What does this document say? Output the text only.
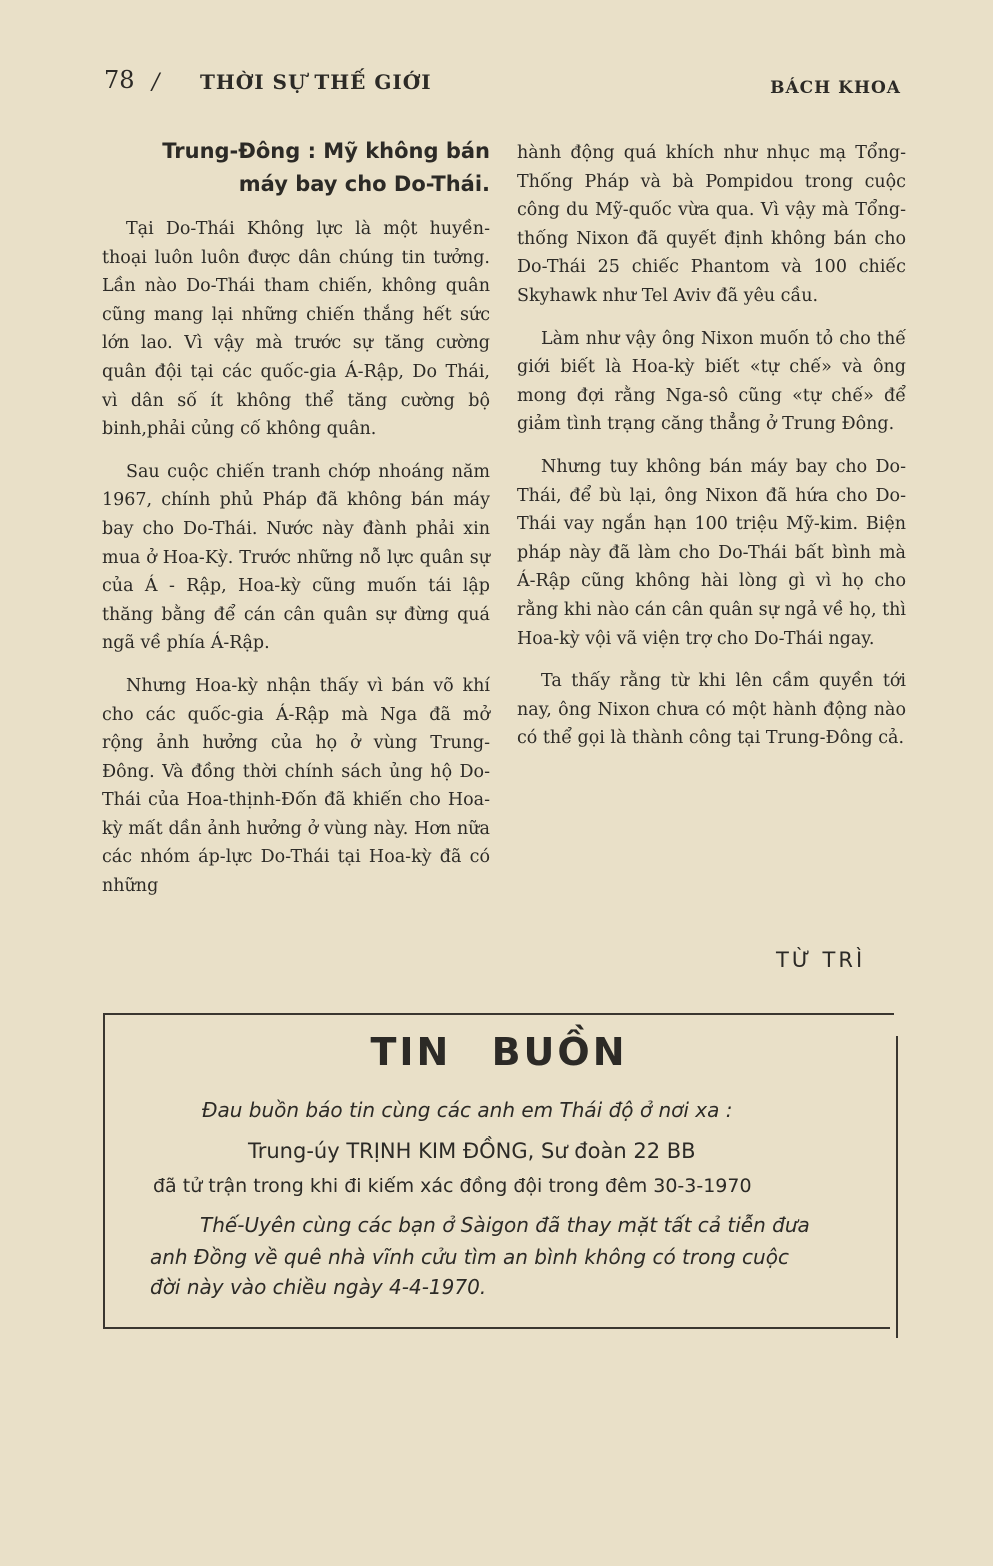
78 / THỜI SỰ THẾ GIỚI	BÁCH KHOA
Trung-Đông : Mỹ không bán
máy bay cho Do-Thái.

Tại Do-Thái Không lực là một huyền-thoại luôn luôn được dân chúng tin tưởng. Lần nào Do-Thái tham chiến, không quân cũng mang lại những chiến thắng hết sức lớn lao. Vì vậy mà trước sự tăng cường quân đội tại các quốc-gia Á-Rập, Do Thái, vì dân số ít không thể tăng cường bộ binh,phải củng cố không quân.

Sau cuộc chiến tranh chớp nhoáng năm 1967, chính phủ Pháp đã không bán máy bay cho Do-Thái. Nước này đành phải xin mua ở Hoa-Kỳ. Trước những nỗ lực quân sự của Á - Rập, Hoa-kỳ cũng muốn tái lập thăng bằng để cán cân quân sự đừng quá ngã về phía Á-Rập.

Nhưng Hoa-kỳ nhận thấy vì bán võ khí cho các quốc-gia Á-Rập mà Nga đã mở rộng ảnh hưởng của họ ở vùng Trung-Đông. Và đồng thời chính sách ủng hộ Do-Thái của Hoa-thịnh-Đốn đã khiến cho Hoa-kỳ mất dần ảnh hưởng ở vùng này. Hơn nữa các nhóm áp-lực Do-Thái tại Hoa-kỳ đã có những

hành động quá khích như nhục mạ Tổng-Thống Pháp và bà Pompidou trong cuộc công du Mỹ-quốc vừa qua. Vì vậy mà Tổng-thống Nixon đã quyết định không bán cho Do-Thái 25 chiếc Phantom và 100 chiếc Skyhawk như Tel Aviv đã yêu cầu.

Làm như vậy ông Nixon muốn tỏ cho thế giới biết là Hoa-kỳ biết «tự chế» và ông mong đợi rằng Nga-sô cũng «tự chế» để giảm tình trạng căng thẳng ở Trung Đông.

Nhưng tuy không bán máy bay cho Do-Thái, để bù lại, ông Nixon đã hứa cho Do-Thái vay ngắn hạn 100 triệu Mỹ-kim. Biện pháp này đã làm cho Do-Thái bất bình mà Á-Rập cũng không hài lòng gì vì họ cho rằng khi nào cán cân quân sự ngả về họ, thì Hoa-kỳ vội vã viện trợ cho Do-Thái ngay.

Ta thấy rằng từ khi lên cầm quyền tới nay, ông Nixon chưa có một hành động nào có thể gọi là thành công tại Trung-Đông cả.

TỪ TRÌ
TIN BUỒN
Đau buồn báo tin cùng các anh em Thái độ ở nơi xa :
Trung-úy TRỊNH KIM ĐỒNG, Sư đoàn 22 BB
đã tử trận trong khi đi kiếm xác đồng đội trong đêm 30-3-1970
Thế-Uyên cùng các bạn ở Sàigon đã thay mặt tất cả tiễn đưa
anh Đồng về quê nhà vĩnh cửu tìm an bình không có trong cuộc
đời này vào chiều ngày 4-4-1970.
